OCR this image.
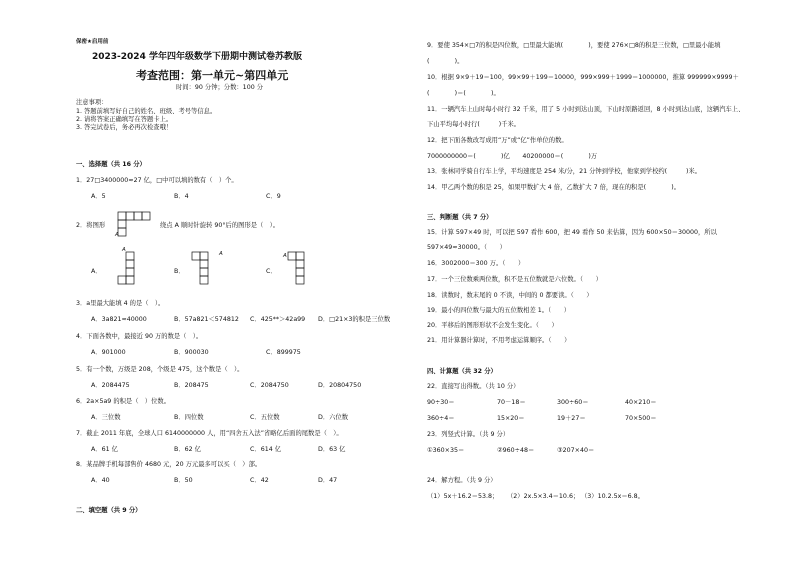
保密★启用前
2023-2024 学年四年级数学下册期中测试卷苏教版
考查范围：第一单元~第四单元
时间：90 分钟；分数：100 分
注意事项：
1. 答题前填写好自己的姓名、班级、考号等信息。
2. 请将答案正确填写在答题卡上。
3. 答完试卷后，务必再次检查哦！
一、选择题（共 16 分）
1．27□3400000≈27 亿，□中可以填的数有（　）个。
A．5	B．4	C．9
2．将图形
A
绕点 A 顺时针旋转 90°后的图形是（　）。
A．
A
B．
A
C．
A
3．a里最大能填 4 的是（　）。
A．3a821≈40000	B．57a821＜574812 C．425**＞42a99 D．□21×3的积是三位数
4．下面各数中，最接近 90 万的数是（　）。
A．901000	B．900030	C．899975
5．有一个数，万级是 208，个级是 475，这个数是（　）。
A．2084475	B．208475	C．2084750	D．20804750
6．2a×5a9 的积是（　）位数。
A．三位数	B．四位数	C．五位数	D．六位数
7．截止 2011 年底，全球人口 6140000000 人，用“四舍五入法”省略亿后面的尾数是（　）。
A．61 亿	B．62 亿	C．614 亿	D．63 亿
8．某品牌手机每部售价 4680 元，20 万元最多可以买（　）部。
A．40	B．50	C．42	D．47
二、填空题（共 9 分）
9．要使 354×□7的积是四位数，□里最大能填(　　　　)，要使 276×□8的积是三位数，□里最小能填
(　　　　)。
10．根据 9×9＋19＝100，99×99＋199＝10000，999×999＋1999＝1000000，推算 999999×9999＋
(　　　　)＝(　　　　)。
11．一辆汽车上山时每小时行 32 千米，用了 5 小时到达山顶，下山时原路返回，8 小时到达山底，这辆汽车上、
下山平均每小时行(　　　)千米。
12．把下面各数改写成用“万”或“亿”作单位的数。
7000000000＝(　　　　)亿　　40200000＝(　　　　)万
13．张林同学骑自行车上学，平均速度是 254 米/分，21 分钟到学校，他家到学校约(　　　)米。
14．甲乙两个数的积是 25，如果甲数扩大 4 倍，乙数扩大 7 倍，现在的积是(　　　　)。
三、判断题（共 7 分）
15．计算 597×49 时，可以把 597 看作 600，把 49 看作 50 来估算，因为 600×50＝30000，所以
597×49≈30000。（　　）
16．3002000＝300 万。（　　）
17．一个三位数乘两位数，积不是五位数就是六位数。（　　）
18．读数时，数末尾的 0 不读，中间的 0 都要读。（　　）
19．最小的四位数与最大的五位数相差 1。（　　）
20．平移后的图形形状不会发生变化。（　　）
21．用计算器计算时，不用考虑运算顺序。（　　）
四、计算题（共 32 分）
22．直接写出得数。（共 10 分）
90÷30＝	70－18＝	300÷60＝	40×210＝
360÷4＝	15×20＝	19＋27＝	70×500＝
23．列竖式计算。（共 9 分）
①360×35＝	②960÷48＝	③207×40＝
24．解方程。（共 9 分）
（1）5x＋16.2＝53.8； （2）2x.5×3.4＝10.6； （3）10.2.5x＝6.8。
